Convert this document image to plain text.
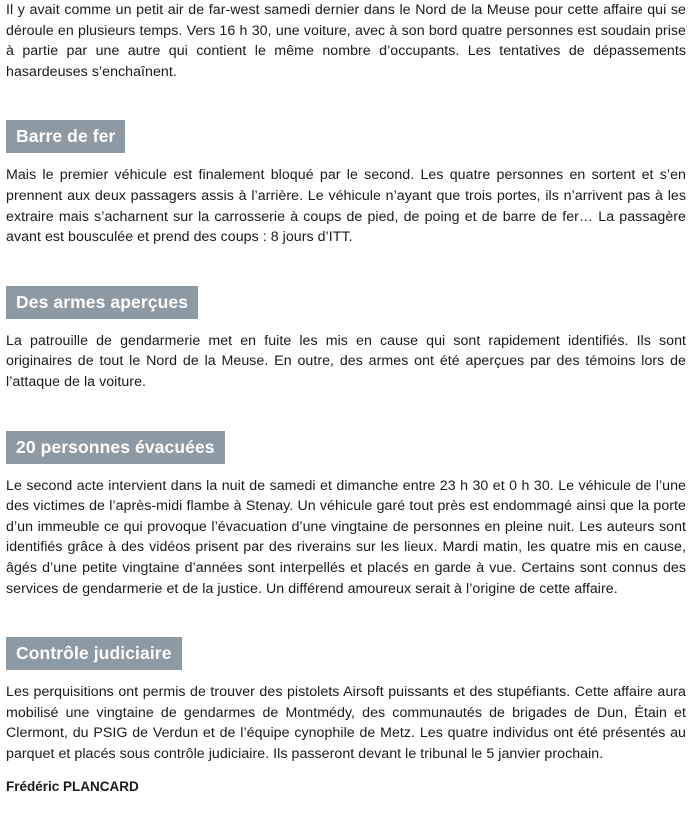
Il y avait comme un petit air de far-west samedi dernier dans le Nord de la Meuse pour cette affaire qui se déroule en plusieurs temps. Vers 16 h 30, une voiture, avec à son bord quatre personnes est soudain prise à partie par une autre qui contient le même nombre d’occupants. Les tentatives de dépassements hasardeuses s’enchaînent.

Barre de fer

Mais le premier véhicule est finalement bloqué par le second. Les quatre personnes en sortent et s’en prennent aux deux passagers assis à l’arrière. Le véhicule n’ayant que trois portes, ils n’arrivent pas à les extraire mais s’acharnent sur la carrosserie à coups de pied, de poing et de barre de fer… La passagère avant est bousculée et prend des coups : 8 jours d’ITT.

Des armes aperçues

La patrouille de gendarmerie met en fuite les mis en cause qui sont rapidement identifiés. Ils sont originaires de tout le Nord de la Meuse. En outre, des armes ont été aperçues par des témoins lors de l’attaque de la voiture.

20 personnes évacuées

Le second acte intervient dans la nuit de samedi et dimanche entre 23 h 30 et 0 h 30. Le véhicule de l’une des victimes de l’après-midi flambe à Stenay. Un véhicule garé tout près est endommagé ainsi que la porte d’un immeuble ce qui provoque l’évacuation d’une vingtaine de personnes en pleine nuit. Les auteurs sont identifiés grâce à des vidéos prisent par des riverains sur les lieux. Mardi matin, les quatre mis en cause, âgés d’une petite vingtaine d’années sont interpellés et placés en garde à vue. Certains sont connus des services de gendarmerie et de la justice. Un différend amoureux serait à l’origine de cette affaire.

Contrôle judiciaire

Les perquisitions ont permis de trouver des pistolets Airsoft puissants et des stupéfiants. Cette affaire aura mobilisé une vingtaine de gendarmes de Montmédy, des communautés de brigades de Dun, Étain et Clermont, du PSIG de Verdun et de l’équipe cynophile de Metz. Les quatre individus ont été présentés au parquet et placés sous contrôle judiciaire. Ils passeront devant le tribunal le 5 janvier prochain.

Frédéric PLANCARD
